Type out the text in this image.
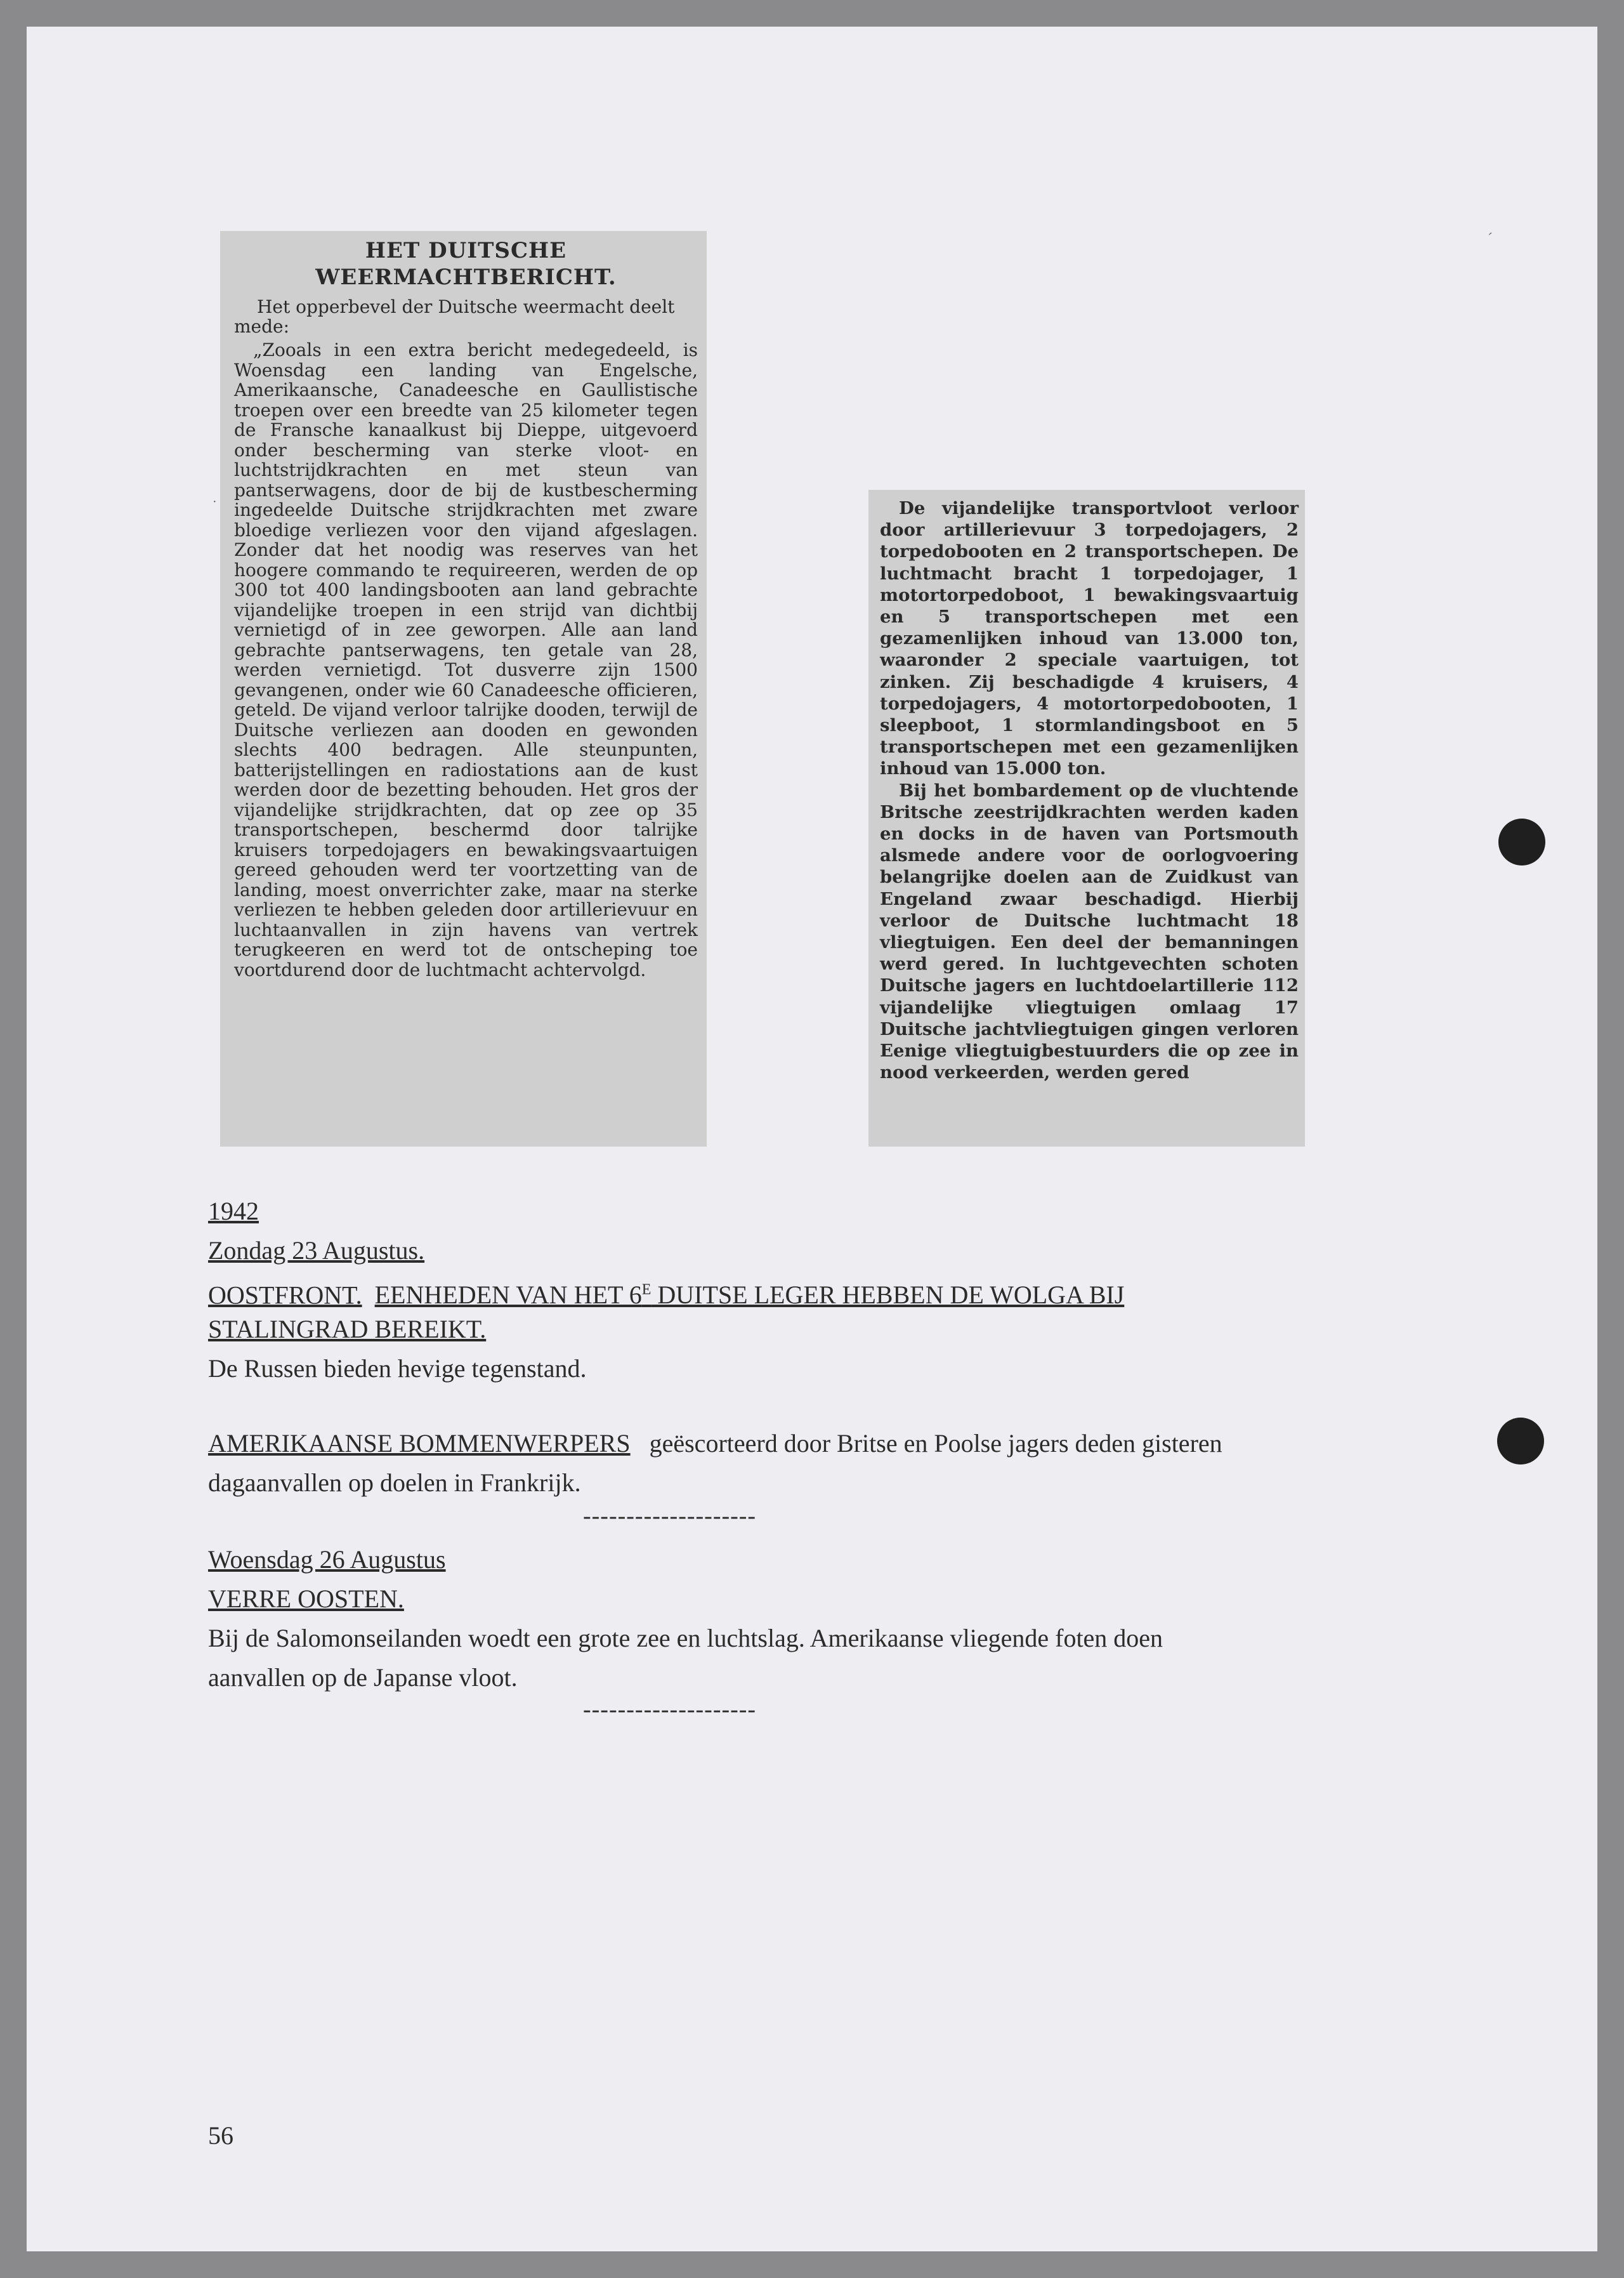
HET DUITSCHE
WEERMACHTBERICHT.
Het opperbevel der Duitsche weermacht deelt mede:

„Zooals in een extra bericht medegedeeld, is Woensdag een landing van Engelsche, Amerikaansche, Canadeesche en Gaullistische troepen over een breedte van 25 kilometer tegen de Fransche kanaalkust bij Dieppe, uitgevoerd onder bescherming van sterke vloot- en luchtstrijdkrachten en met steun van pantserwagens, door de bij de kustbescherming ingedeelde Duitsche strijdkrachten met zware bloedige verliezen voor den vijand afgeslagen. Zonder dat het noodig was reserves van het hoogere commando te requireeren, werden de op 300 tot 400 landingsbooten aan land gebrachte vijandelijke troepen in een strijd van dichtbij vernietigd of in zee geworpen. Alle aan land gebrachte pantserwagens, ten getale van 28, werden vernietigd. Tot dusverre zijn 1500 gevangenen, onder wie 60 Canadeesche officieren, geteld. De vijand verloor talrijke dooden, terwijl de Duitsche verliezen aan dooden en gewonden slechts 400 bedragen. Alle steunpunten, batterijstellingen en radiostations aan de kust werden door de bezetting behouden. Het gros der vijandelijke strijdkrachten, dat op zee op 35 transportschepen, beschermd door talrijke kruisers torpedojagers en bewakingsvaartuigen gereed gehouden werd ter voortzetting van de landing, moest onverrichter zake, maar na sterke verliezen te hebben geleden door artillerievuur en luchtaanvallen in zijn havens van vertrek terugkeeren en werd tot de ontscheping toe voortdurend door de luchtmacht achtervolgd.

De vijandelijke transportvloot verloor door artillerievuur 3 torpedojagers, 2 torpedobooten en 2 transportschepen. De luchtmacht bracht 1 torpedojager, 1 motortorpedoboot, 1 bewakingsvaartuig en 5 transportschepen met een gezamenlijken inhoud van 13.000 ton, waaronder 2 speciale vaartuigen, tot zinken. Zij beschadigde 4 kruisers, 4 torpedojagers, 4 motortorpedobooten, 1 sleepboot, 1 stormlandingsboot en 5 transportschepen met een gezamenlijken inhoud van 15.000 ton.

Bij het bombardement op de vluchtende Britsche zeestrijdkrachten werden kaden en docks in de haven van Portsmouth alsmede andere voor de oorlogvoering belangrijke doelen aan de Zuidkust van Engeland zwaar beschadigd. Hierbij verloor de Duitsche luchtmacht 18 vliegtuigen. Een deel der bemanningen werd gered. In luchtgevechten schoten Duitsche jagers en luchtdoelartillerie 112 vijandelijke vliegtuigen omlaag 17 Duitsche jachtvliegtuigen gingen verloren Eenige vliegtuigbestuurders die op zee in nood verkeerden, werden gered

1942
Zondag 23 Augustus.
OOSTFRONT. EENHEDEN VAN HET $6^E$ DUITSE LEGER HEBBEN DE WOLGA BIJ
STALINGRAD BEREIKT.
De Russen bieden hevige tegenstand.
AMERIKAANSE BOMMENWERPERS geëscorteerd door Britse en Poolse jagers deden gisteren
dagaanvallen op doelen in Frankrijk.
--------------------
Woensdag 26 Augustus
VERRE OOSTEN.
Bij de Salomonseilanden woedt een grote zee en luchtslag. Amerikaanse vliegende foten doen
aanvallen op de Japanse vloot.
--------------------
56
´
·
